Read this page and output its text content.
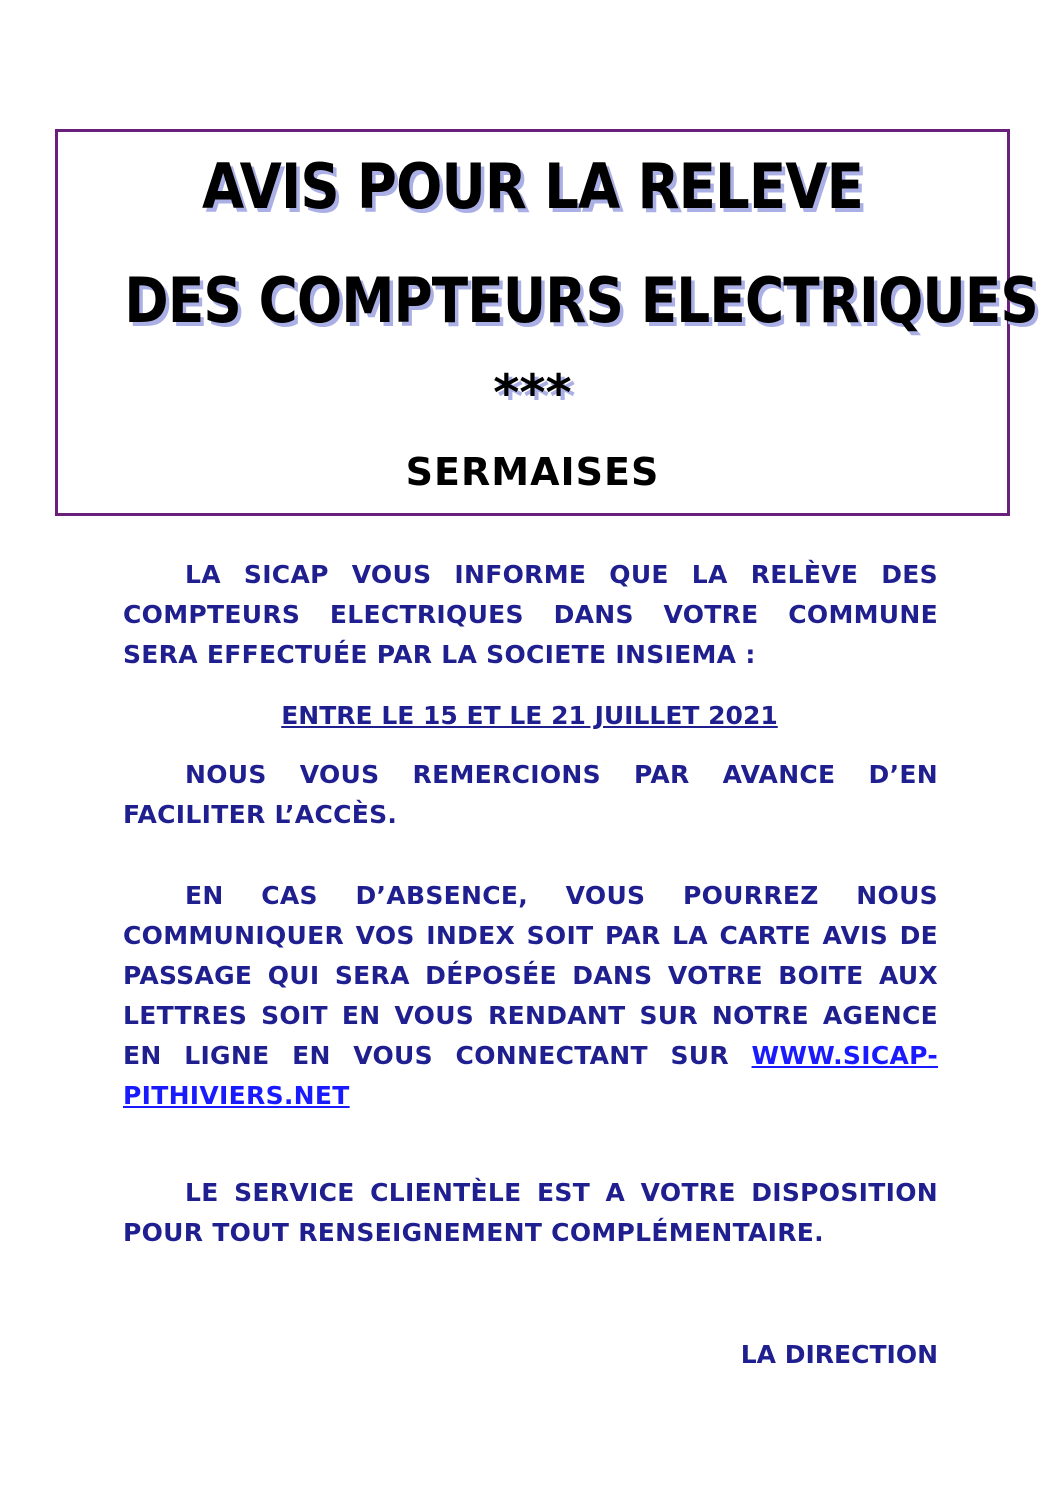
AVIS POUR LA RELEVE
DES COMPTEURS ELECTRIQUES
***
SERMAISES
LA SICAP VOUS INFORME QUE LA RELÈVE DES COMPTEURS ELECTRIQUES DANS VOTRE COMMUNE SERA EFFECTUÉE PAR LA SOCIETE INSIEMA :
ENTRE LE 15 ET LE 21 JUILLET 2021
NOUS VOUS REMERCIONS PAR AVANCE D’EN FACILITER L’ACCÈS.
EN CAS D’ABSENCE, VOUS POURREZ NOUS COMMUNIQUER VOS INDEX SOIT PAR LA CARTE AVIS DE PASSAGE QUI SERA DÉPOSÉE DANS VOTRE BOITE AUX LETTRES SOIT EN VOUS RENDANT SUR NOTRE AGENCE EN LIGNE EN VOUS CONNECTANT SUR WWW.SICAP-PITHIVIERS.NET
LE SERVICE CLIENTÈLE EST A VOTRE DISPOSITION POUR TOUT RENSEIGNEMENT COMPLÉMENTAIRE.
LA DIRECTION
